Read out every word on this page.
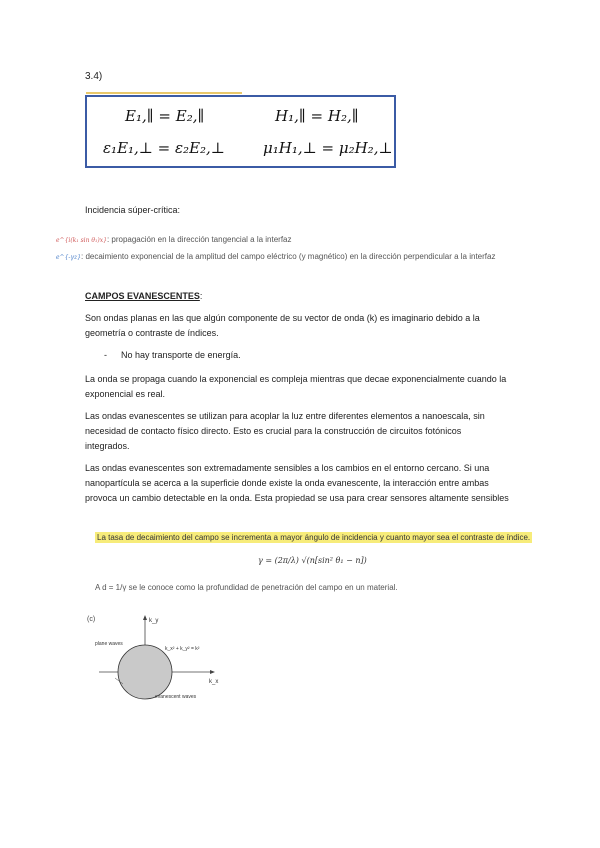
3.4)
E₁,∥ = E₂,∥	H₁,∥ = H₂,∥
ε₁E₁,⊥ = ε₂E₂,⊥	μ₁H₁,⊥ = μ₂H₂,⊥
Incidencia súper-crítica:
e^{i(k₁ sin θ₁)x}: propagación en la dirección tangencial a la interfaz
e^{-γz}: decaimiento exponencial de la amplitud del campo eléctrico (y magnético) en la dirección perpendicular a la interfaz
CAMPOS EVANESCENTES:
Son ondas planas en las que algún componente de su vector de onda (k) es imaginario debido a la geometría o contraste de índices.
- No hay transporte de energía.
La onda se propaga cuando la exponencial es compleja mientras que decae exponencialmente cuando la exponencial es real.
Las ondas evanescentes se utilizan para acoplar la luz entre diferentes elementos a nanoescala, sin necesidad de contacto físico directo. Esto es crucial para la construcción de circuitos fotónicos integrados.
Las ondas evanescentes son extremadamente sensibles a los cambios en el entorno cercano. Si una nanopartícula se acerca a la superficie donde existe la onda evanescente, la interacción entre ambas provoca un cambio detectable en la onda. Esta propiedad se usa para crear sensores altamente sensibles
La tasa de decaimiento del campo se incrementa a mayor ángulo de incidencia y cuanto mayor sea el contraste de índice.
γ = (2π/λ) √(n[sin² θ₁ − n])
A d = 1/γ se le conoce como la profundidad de penetración del campo en un material.
(c)	k_y
k_x
plane waves
k_x² + k_y² = k²
evanescent waves
